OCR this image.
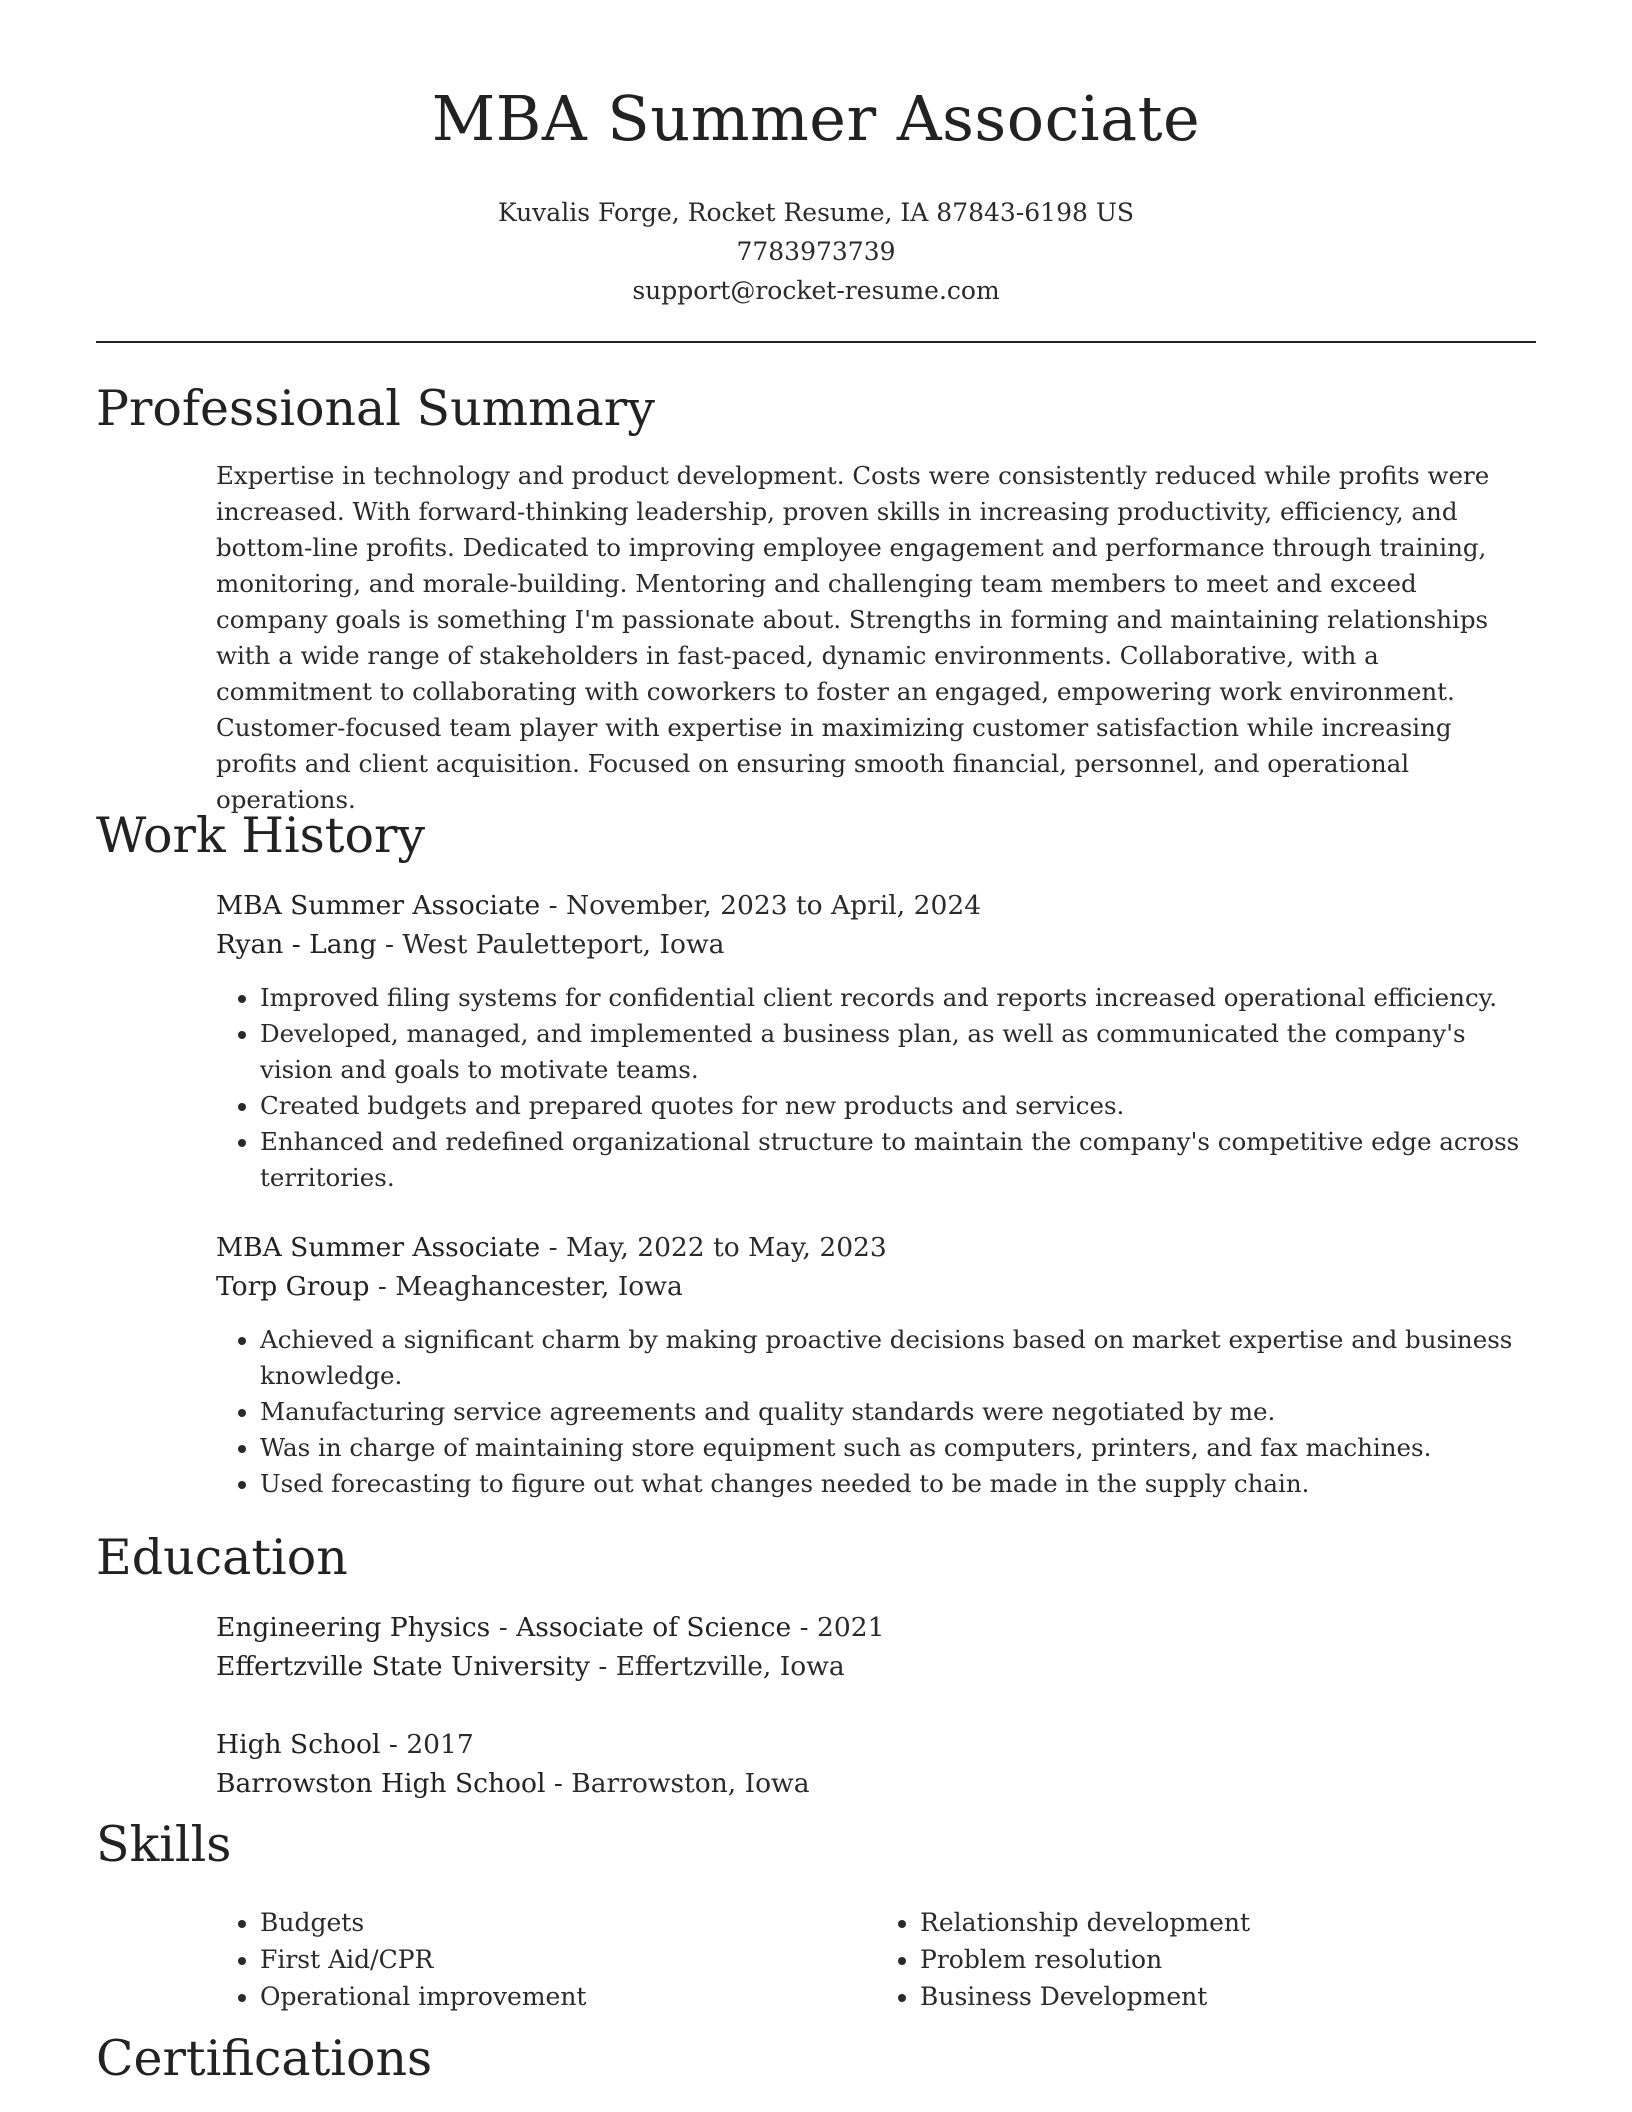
MBA Summer Associate
Kuvalis Forge, Rocket Resume, IA 87843-6198 US
7783973739
support@rocket-resume.com
Professional Summary

Expertise in technology and product development. Costs were consistently reduced while profits were increased. With forward-thinking leadership, proven skills in increasing productivity, efficiency, and bottom-line profits. Dedicated to improving employee engagement and performance through training, monitoring, and morale-building. Mentoring and challenging team members to meet and exceed company goals is something I'm passionate about. Strengths in forming and maintaining relationships with a wide range of stakeholders in fast-paced, dynamic environments. Collaborative, with a commitment to collaborating with coworkers to foster an engaged, empowering work environment. Customer-focused team player with expertise in maximizing customer satisfaction while increasing profits and client acquisition. Focused on ensuring smooth financial, personnel, and operational operations.

Work History

MBA Summer Associate - November, 2023 to April, 2024

Ryan - Lang - West Pauletteport, Iowa

• Improved filing systems for confidential client records and reports increased operational efficiency.
• Developed, managed, and implemented a business plan, as well as communicated the company's vision and goals to motivate teams.
• Created budgets and prepared quotes for new products and services.
• Enhanced and redefined organizational structure to maintain the company's competitive edge across territories.

MBA Summer Associate - May, 2022 to May, 2023

Torp Group - Meaghancester, Iowa

• Achieved a significant charm by making proactive decisions based on market expertise and business knowledge.
• Manufacturing service agreements and quality standards were negotiated by me.
• Was in charge of maintaining store equipment such as computers, printers, and fax machines.
• Used forecasting to figure out what changes needed to be made in the supply chain.
Education

Engineering Physics - Associate of Science - 2021

Effertzville State University - Effertzville, Iowa

High School - 2017

Barrowston High School - Barrowston, Iowa

Skills
• Budgets
• First Aid/CPR
• Operational improvement
• Relationship development
• Problem resolution
• Business Development
Certifications
